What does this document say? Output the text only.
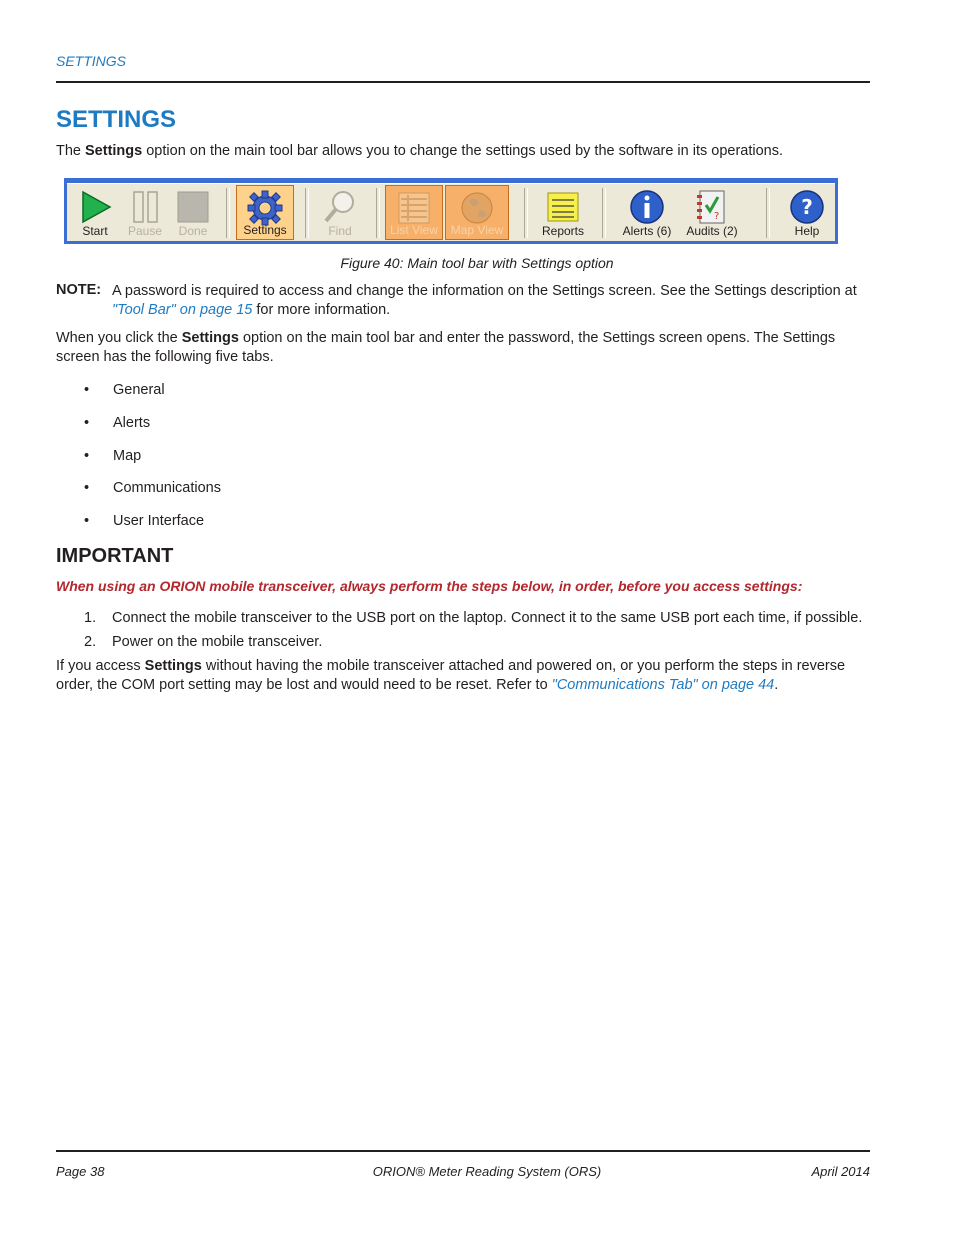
SETTINGS
SETTINGS

The Settings option on the main tool bar allows you to change the settings used by the software in its operations.

Start	Pause	Done	Settings	Find	List View	Map View	Reports	Alerts (6)
?
Audits (2)
?
Help
Figure 40: Main tool bar with Settings option
NOTE: A password is required to access and change the information on the Settings screen. See the Settings description at "Tool Bar" on page 15 for more information.

When you click the Settings option on the main tool bar and enter the password, the Settings screen opens. The Settings screen has the following five tabs.

• General
• Alerts
• Map
• Communications
• User Interface
IMPORTANT
When using an ORION mobile transceiver, always perform the steps below, in order, before you access settings:
1. Connect the mobile transceiver to the USB port on the laptop. Connect it to the same USB port each time, if possible.
2. Power on the mobile transceiver.

If you access Settings without having the mobile transceiver attached and powered on, or you perform the steps in reverse order, the COM port setting may be lost and would need to be reset. Refer to "Communications Tab" on page 44.

Page 38	ORION® Meter Reading System (ORS)	April 2014
